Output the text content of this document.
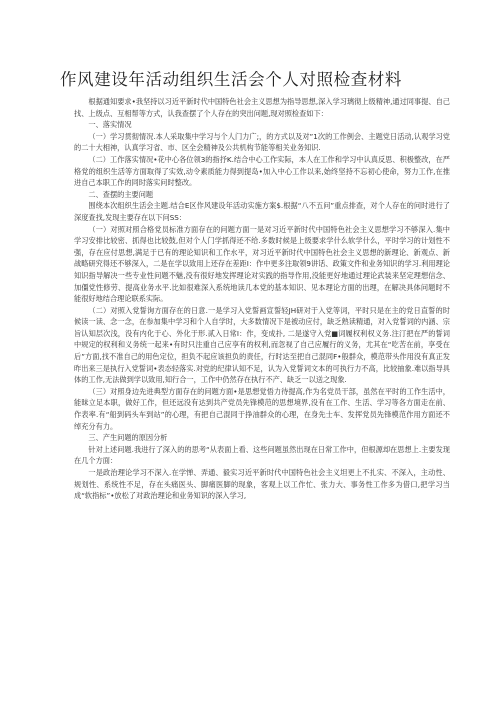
作风建设年活动组织生活会个人对照检查材料

根据通知要求•我坚持以习近平新时代中国特色社会主义思想为指导思想,深入学习璃彻上级精神,通过同事提、自己找、上级点、互相帮等方式，认我查摆了个人存在的突出问题,现对照检查如下：

一、落实情况

（一）学习贯彻情况.本人采取集中学习与个人门力广;，的方式以及对”1次的工作例会、主题党日活动,认观学习党的二十大相神，认真学习省、市、区全会精神及公共机构节能等相关业务知识.

（二）工作落实情况•花中心各位领3的指抒K.结合中心工作实际，本人在工作和学习中认真反思、积极整改，在严格党的组织生活等方面取得了实效,动令素质能力得到提岛•加入中心工作以来,始终坚持不忘初心使命，努力工作,在推进自己本职工作的同时落实问时整改。

二、查摆的主要问题

围绕本次组织生活会主题.结合E区作风建设年活动实施方案$.根据“八不五问”重点排查，对个人存在的问时进行了深度查找,发现主要存在以下问SS：

（一）对照对照合格党员标准方面存在的问题方面一是对习近平新时代中国特色社会主义思想学习不够深入.集中学习安排比较密、抓得也比较鼓,但对个人门学抓得还不给.多数时候是上级要求学什么软学什么，平时学习的计划性不强，存在应付思想,满足于已有的理论知识和工作水平，对习近平新时代中国特色社会主义思想的新理论、新观点、新战略研究得还不够深入，二是在学以致用上还存在差距I：作中更多注取领9讲话、政策文件和业务知识的学习.利用理论知识指导解决一些专业性问题不魅,没有很好地发挥理论对实践的指导作用,没能更好地通过理论武装来坚定理想信念、加僵党性修劳、提高业务水平.比如很难深入系统地读几本党的基本知识、见本理论方面的出理，在解决具体问题时不能很好地结合理论联系实际。

（二）对照入党誓询方面存在的日意.一是学习入党誓画宣誓轻JH研对于入党等词，平时只是在主的党日直誓的时候读一读、念一念，在参加集中学习和个人自学时，大多数情况下是被动应付，缺乏熟读精通，对入党誓词的内涵、宗旨认知层次浅，没有内化于心、外化于形.贰入日常I：作，变成扑, 二是遂守入党■词履权利权义务.注汀把在严的誓词中规定的权利和义务统一起来•有时只注重自己应享有的权利,而忽视了自己应履行的义务，尤其在“吃苦在前，享受在后”方面,找不准自己的用色定位，担负不起应该担负的责任，行时达至把自己混同F•般群众，模范带头作用没有真正发昨出来三是执行入党誓词•表态轻落实.对党的纪律认知不足，认为入党誓词文本的可执行力不高，比较抽象.难以指导具体的工作,无法做到学以致用,知行合一，工作中仍然存在执行不产、缺乏一以送之现象.

（三）对照身边先进典型方面存在的问题方面•是思想觉悟力待提高,作为名党员干部，虽然在平时的工作生活中，能昧立足本职，做好工作，但还远没有达到共产党员先锋模范的思想境界,没有在工作、生活、学习等各方面走在前、作表率.有“船到码头车到站”的心理，有把自己混同于挣油群众的心理，在身先士车、发挥党员先锋模范作用方面还不绰充分有力。

三、产生问题的原因分析

针对上述问题.我进行了深入的的思考“从表面上看、这些问题虽然出现在日常工作中，但根源却在思想上.主要发现在几个方面：

一是政治理论学习不深入.在学惮、弄通、毅实习近平新时代中国特色社会主义坦更上不扎实、不深入，主动性、规划性、系统性不足，存在头痛医头、脚痛医脚的现象，客观上以工作忙、张力大、事务性工作多为借口,把学习当成“软指标”•放松了对政治理论和业务知识的深入学习,
